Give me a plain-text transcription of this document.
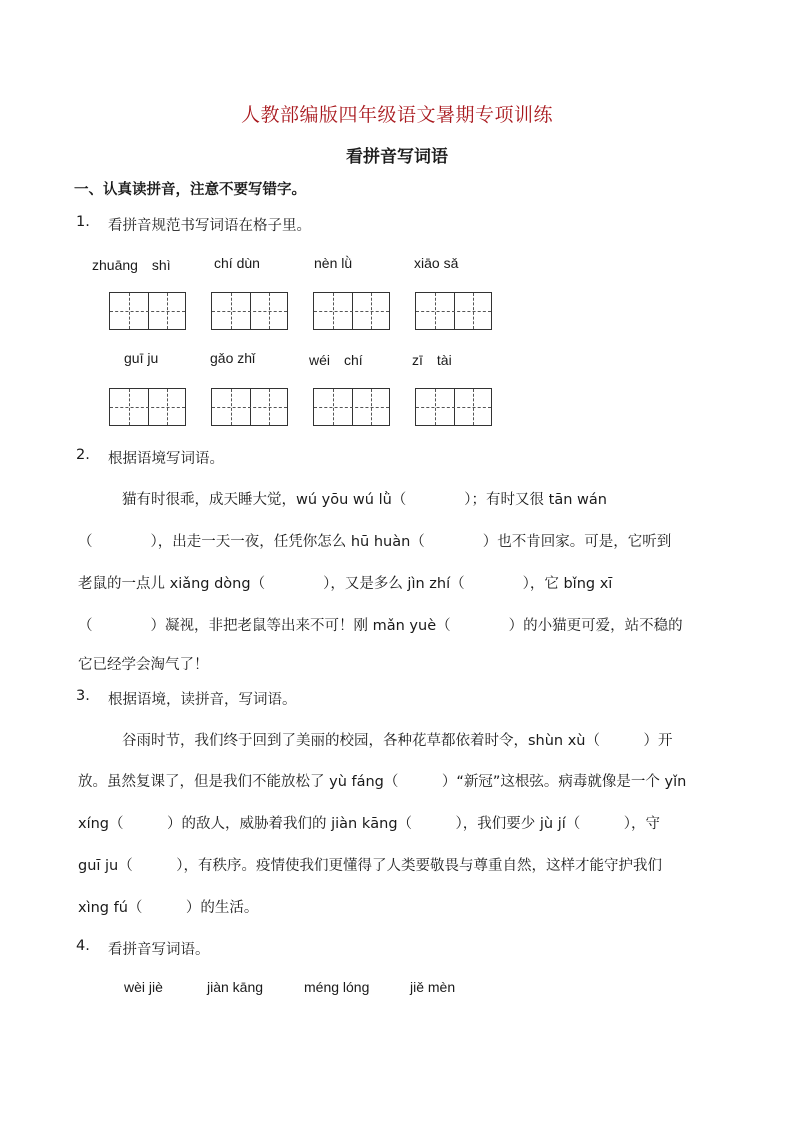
人教部编版四年级语文暑期专项训练
看拼音写词语
一、认真读拼音，注意不要写错字。
1. 看拼音规范书写词语在格子里。
zhuāng　shì	chí dùn	nèn lǜ	xiāo sǎ
guī ju	gǎo zhǐ	wéi　chí	zī　tài
2. 根据语境写词语。
猫有时很乖，成天睡大觉，wú yōu wú lǜ（　　　　）；有时又很 tān wán
（　　　　），出走一天一夜，任凭你怎么 hū huàn（　　　　）也不肯回家。可是，它听到
老鼠的一点儿 xiǎng dòng（　　　　），又是多么 jìn zhí（　　　　），它 bǐng xī
（　　　　）凝视，非把老鼠等出来不可！刚 mǎn yuè（　　　　）的小猫更可爱，站不稳的
它已经学会淘气了！
3. 根据语境，读拼音，写词语。
谷雨时节，我们终于回到了美丽的校园，各种花草都依着时令，shùn xù（　　　）开
放。虽然复课了，但是我们不能放松了 yù fáng（　　　）“新冠”这根弦。病毒就像是一个 yǐn
xíng（　　　）的敌人，威胁着我们的 jiàn kāng（　　　），我们要少 jù jí（　　　），守
guī ju（　　　），有秩序。疫情使我们更懂得了人类要敬畏与尊重自然，这样才能守护我们
xìng fú（　　　）的生活。
4. 看拼音写词语。
wèi jiè	jiàn kāng	méng lóng	jiě mèn
